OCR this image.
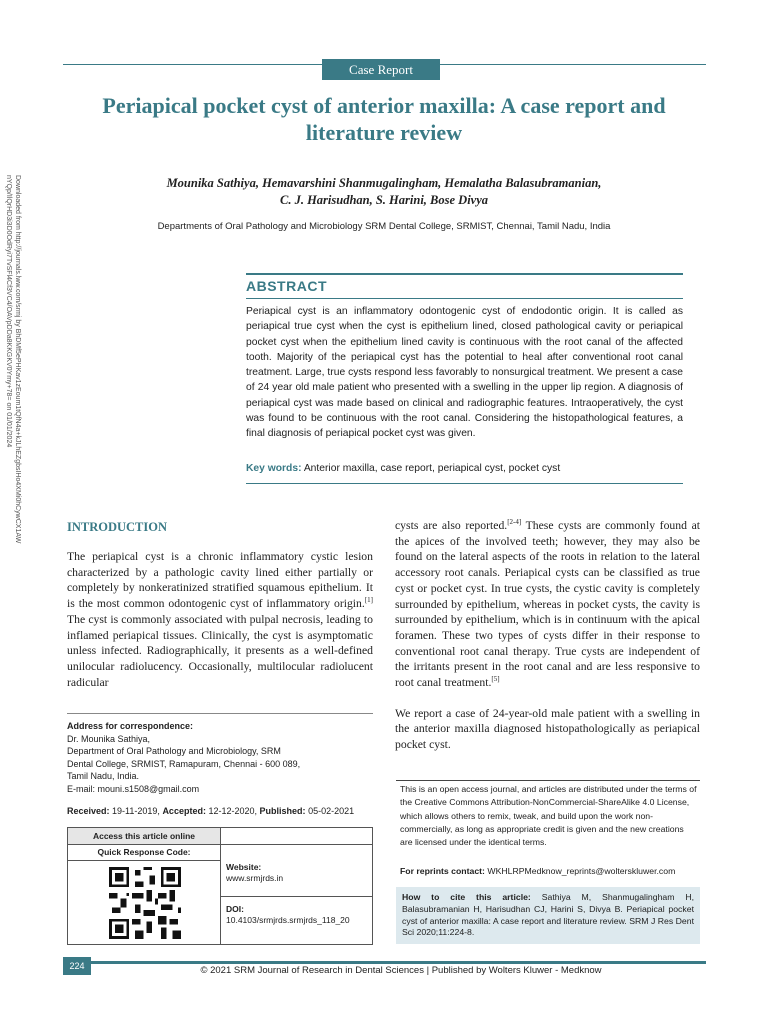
Case Report
Periapical pocket cyst of anterior maxilla: A case report and literature review
Mounika Sathiya, Hemavarshini Shanmugalingham, Hemalatha Balasubramanian,
C. J. Harisudhan, S. Harini, Bose Divya
Departments of Oral Pathology and Microbiology SRM Dental College, SRMIST, Chennai, Tamil Nadu, India
Downloaded from http://journals.lww.com/srmj by BhDMf5ePHKav1zEoum1tQfN4a+kJLhEZgbsIHo4XMi0hCywCX1AW
nYQp/IlQrHD3i3D0OdRyi7TvSFl4Cf3VC4/OAVpDDa8KKGKV0Ymy+78= on 01/01/2024	ABSTRACT
Periapical cyst is an inflammatory odontogenic cyst of endodontic origin. It is called as periapical true cyst when the cyst is epithelium lined, closed pathological cavity or periapical pocket cyst when the epithelium lined cavity is continuous with the root canal of the affected tooth. Majority of the periapical cyst has the potential to heal after conventional root canal treatment. Large, true cysts respond less favorably to nonsurgical treatment. We present a case of 24 year old male patient who presented with a swelling in the upper lip region. A diagnosis of periapical cyst was made based on clinical and radiographic features. Intraoperatively, the cyst was found to be continuous with the root canal. Considering the histopathological features, a final diagnosis of periapical pocket cyst was given.
Key words: Anterior maxilla, case report, periapical cyst, pocket cyst
INTRODUCTION

The periapical cyst is a chronic inflammatory cystic lesion characterized by a pathologic cavity lined either partially or completely by nonkeratinized stratified squamous epithelium. It is the most common odontogenic cyst of inflammatory origin.[1] The cyst is commonly associated with pulpal necrosis, leading to inflamed periapical tissues. Clinically, the cyst is asymptomatic unless infected. Radiographically, it presents as a well-defined unilocular radiolucency. Occasionally, multilocular radiolucent radicular

cysts are also reported.[2-4] These cysts are commonly found at the apices of the involved teeth; however, they may also be found on the lateral aspects of the roots in relation to the lateral accessory root canals. Periapical cysts can be classified as true cyst or pocket cyst. In true cysts, the cystic cavity is completely surrounded by epithelium, whereas in pocket cysts, the cavity is surrounded by epithelium, which is in continuum with the apical foramen. These two types of cysts differ in their response to conventional root canal therapy. True cysts are independent of the irritants present in the root canal and are less responsive to root canal treatment.[5]

We report a case of 24-year-old male patient with a swelling in the anterior maxilla diagnosed histopathologically as periapical pocket cyst.

Address for correspondence:
Dr. Mounika Sathiya,
Department of Oral Pathology and Microbiology, SRM
Dental College, SRMIST, Ramapuram, Chennai - 600 089,
Tamil Nadu, India.
E-mail: mouni.s1508@gmail.com
Received: 19-11-2019, Accepted: 12-12-2020, Published: 05-02-2021
Access this article online
Quick Response Code:
Website:
www.srmjrds.in
DOI:
10.4103/srmjrds.srmjrds_118_20
This is an open access journal, and articles are distributed under the terms of the Creative Commons Attribution-NonCommercial-ShareAlike 4.0 License, which allows others to remix, tweak, and build upon the work non-commercially, as long as appropriate credit is given and the new creations are licensed under the identical terms.
For reprints contact: WKHLRPMedknow_reprints@wolterskluwer.com
How to cite this article: Sathiya M, Shanmugalingham H, Balasubramanian H, Harisudhan CJ, Harini S, Divya B. Periapical pocket cyst of anterior maxilla: A case report and literature review. SRM J Res Dent Sci 2020;11:224-8.
224	© 2021 SRM Journal of Research in Dental Sciences | Published by Wolters Kluwer - Medknow
